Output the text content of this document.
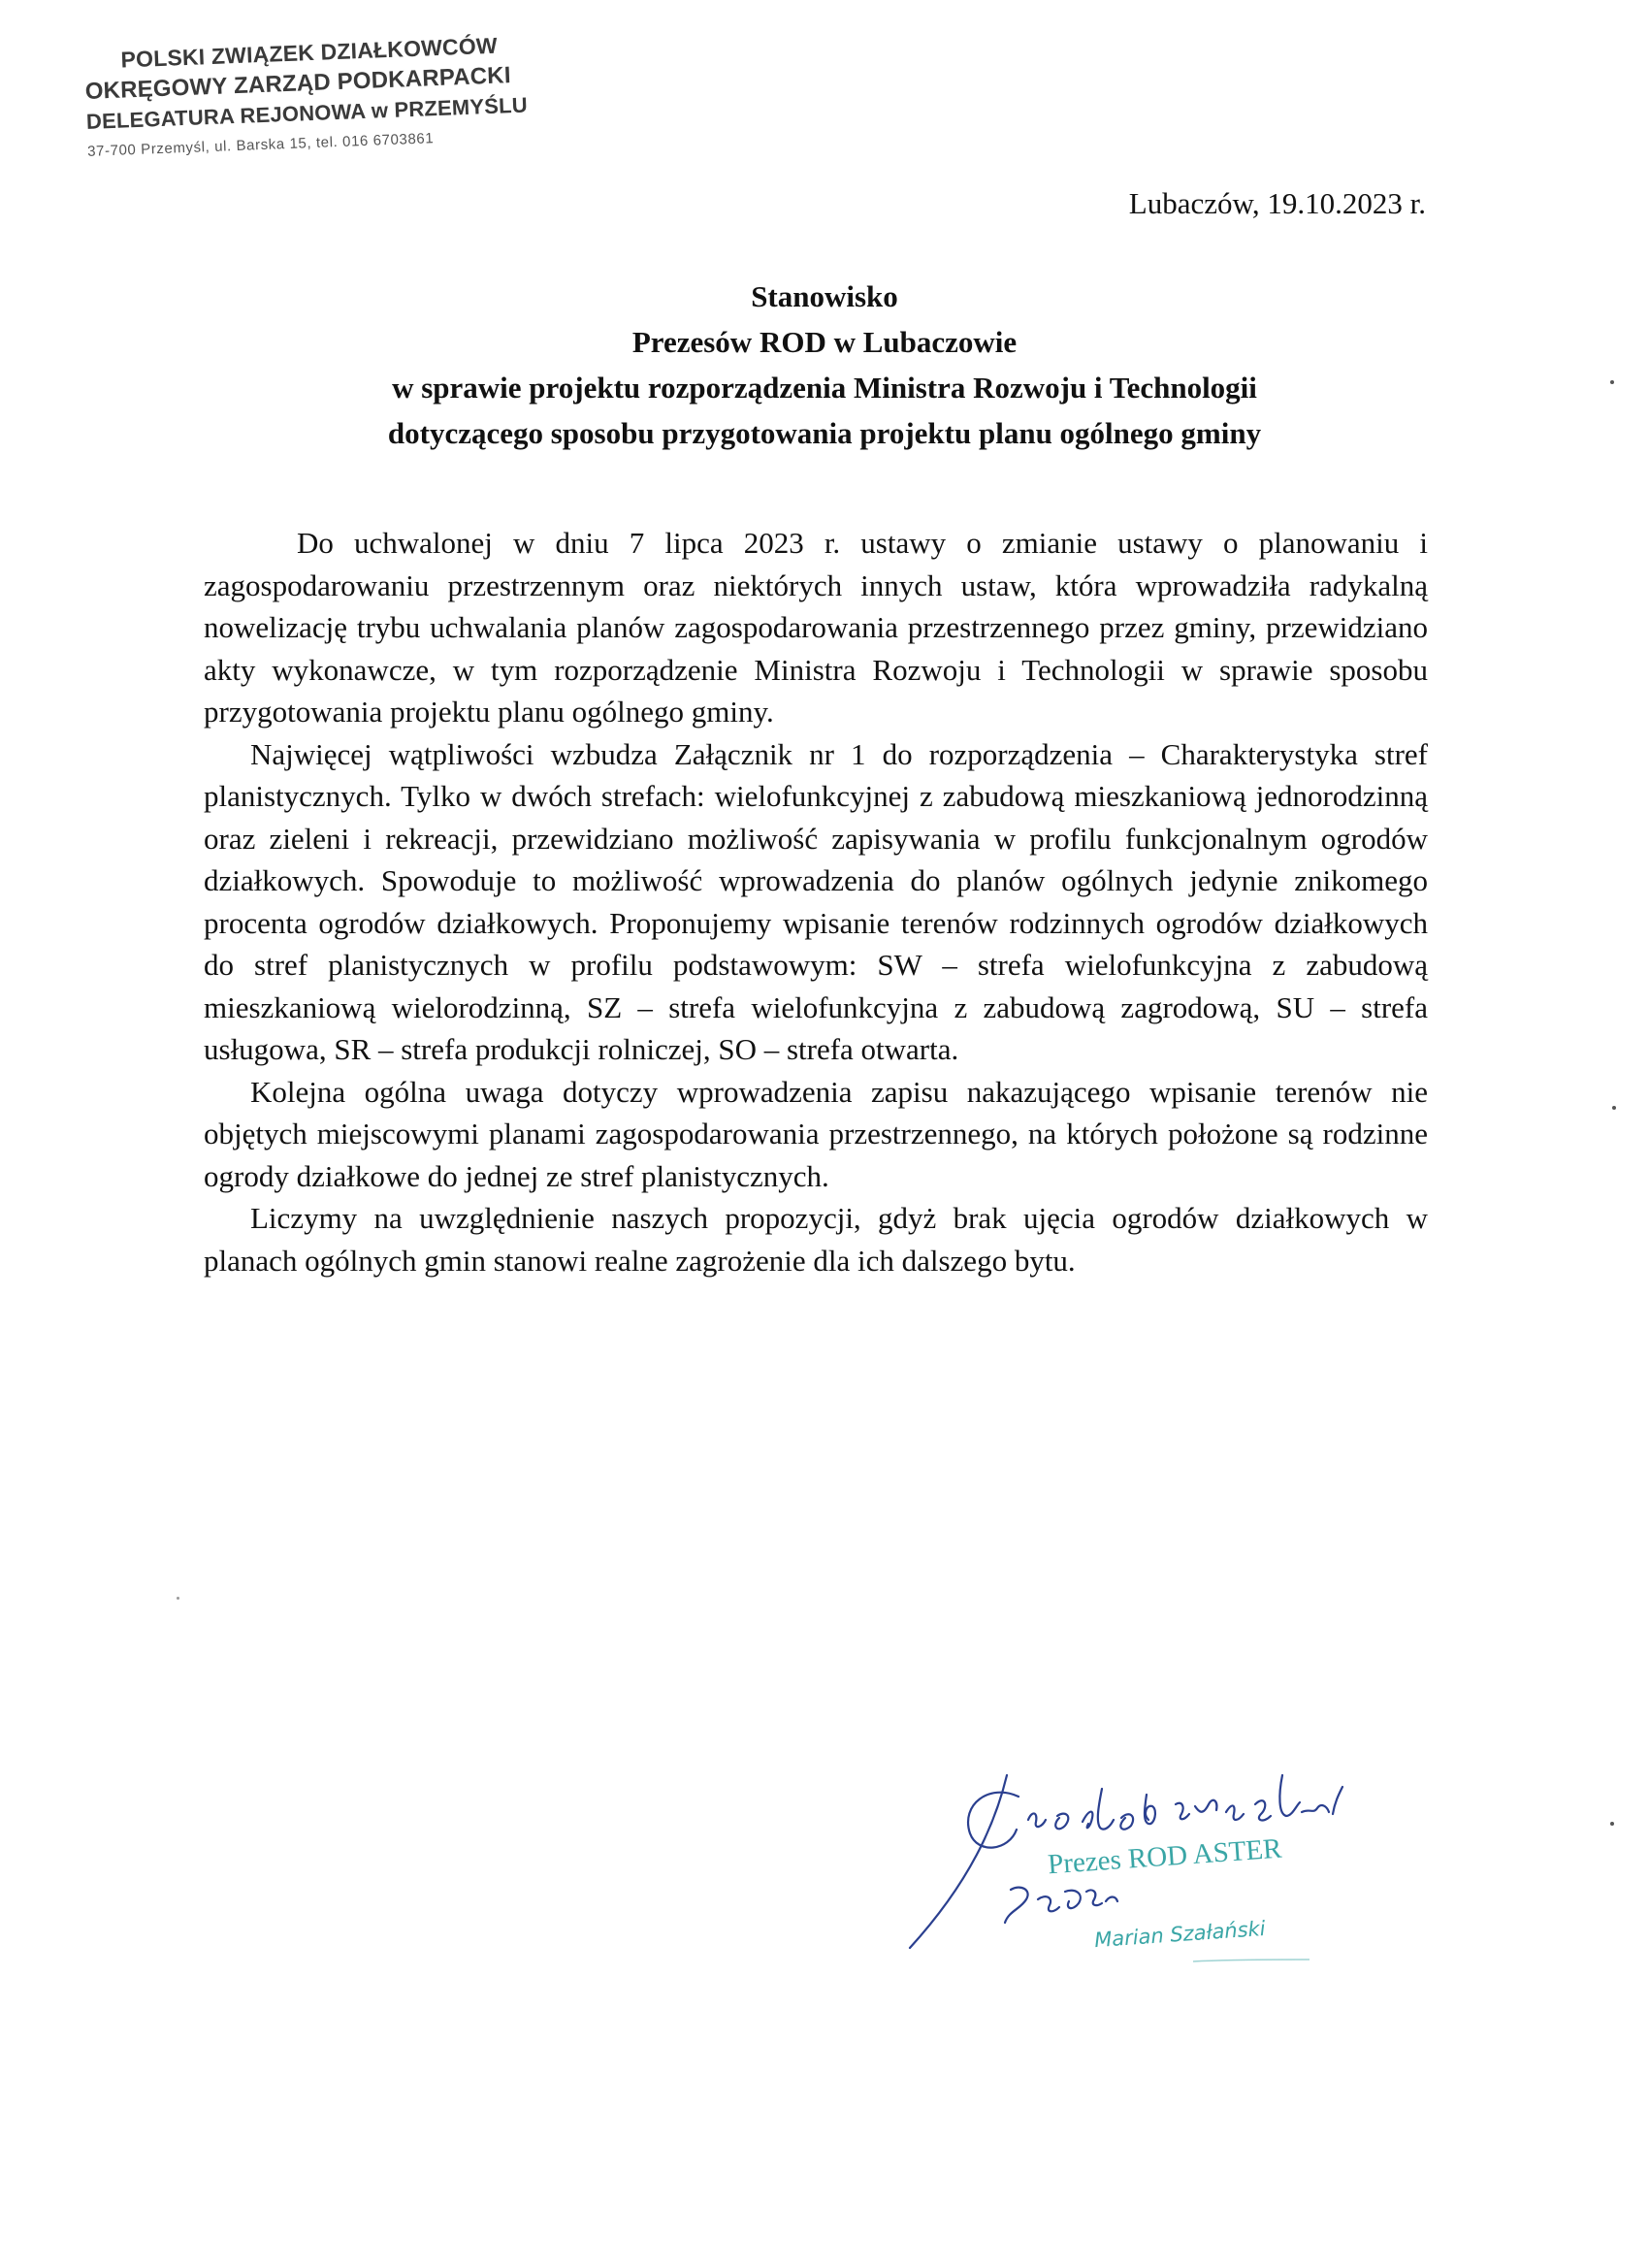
POLSKI ZWIĄZEK DZIAŁKOWCÓW
OKRĘGOWY ZARZĄD PODKARPACKI
DELEGATURA REJONOWA w PRZEMYŚLU
37-700 Przemyśl, ul. Barska 15, tel. 016 6703861
Lubaczów, 19.10.2023 r.
Stanowisko
Prezesów ROD w Lubaczowie
w sprawie projektu rozporządzenia Ministra Rozwoju i Technologii
dotyczącego sposobu przygotowania projektu planu ogólnego gminy

Do uchwalonej w dniu 7 lipca 2023 r. ustawy o zmianie ustawy o planowaniu i zagospodarowaniu przestrzennym oraz niektórych innych ustaw, która wprowadziła radykalną nowelizację trybu uchwalania planów zagospodarowania przestrzennego przez gminy, przewidziano akty wykonawcze, w tym rozporządzenie Ministra Rozwoju i Technologii w sprawie sposobu przygotowania projektu planu ogólnego gminy.

Najwięcej wątpliwości wzbudza Załącznik nr 1 do rozporządzenia – Charakterystyka stref planistycznych. Tylko w dwóch strefach: wielofunkcyjnej z zabudową mieszkaniową jednorodzinną oraz zieleni i rekreacji, przewidziano możliwość zapisywania w profilu funkcjonalnym ogrodów działkowych. Spowoduje to możliwość wprowadzenia do planów ogólnych jedynie znikomego procenta ogrodów działkowych. Proponujemy wpisanie terenów rodzinnych ogrodów działkowych do stref planistycznych w profilu podstawowym: SW – strefa wielofunkcyjna z zabudową mieszkaniową wielorodzinną, SZ – strefa wielofunkcyjna z zabudową zagrodową, SU – strefa usługowa, SR – strefa produkcji rolniczej, SO – strefa otwarta.

Kolejna ogólna uwaga dotyczy wprowadzenia zapisu nakazującego wpisanie terenów nie objętych miejscowymi planami zagospodarowania przestrzennego, na których położone są rodzinne ogrody działkowe do jednej ze stref planistycznych.

Liczymy na uwzględnienie naszych propozycji, gdyż brak ujęcia ogrodów działkowych w planach ogólnych gmin stanowi realne zagrożenie dla ich dalszego bytu.

Prezes ROD ASTER
Marian Szałański
